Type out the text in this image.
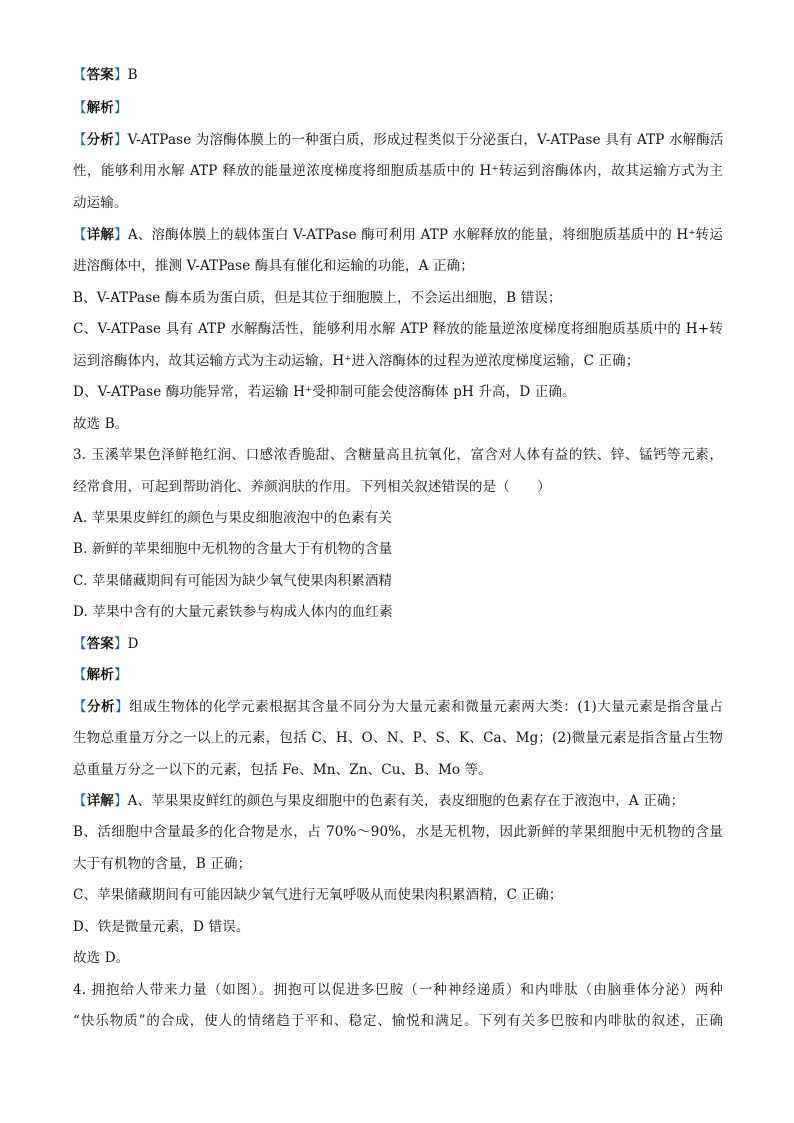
【答案】B
【解析】
【分析】V-ATPase 为溶酶体膜上的一种蛋白质，形成过程类似于分泌蛋白，V-ATPase 具有 ATP 水解酶活
性，能够利用水解 ATP 释放的能量逆浓度梯度将细胞质基质中的 H⁺转运到溶酶体内，故其运输方式为主
动运输。
【详解】A、溶酶体膜上的载体蛋白 V-ATPase 酶可利用 ATP 水解释放的能量，将细胞质基质中的 H⁺转运
进溶酶体中，推测 V-ATPase 酶具有催化和运输的功能，A 正确；
B、V-ATPase 酶本质为蛋白质，但是其位于细胞膜上，不会运出细胞，B 错误；
C、V-ATPase 具有 ATP 水解酶活性，能够利用水解 ATP 释放的能量逆浓度梯度将细胞质基质中的 H+转
运到溶酶体内，故其运输方式为主动运输，H⁺进入溶酶体的过程为逆浓度梯度运输，C 正确；
D、V-ATPase 酶功能异常，若运输 H⁺受抑制可能会使溶酶体 pH 升高，D 正确。
故选 B。
3. 玉溪苹果色泽鲜艳红润、口感浓香脆甜、含糖量高且抗氧化，富含对人体有益的铁、锌、锰钙等元素，
经常食用，可起到帮助消化、养颜润肤的作用。下列相关叙述错误的是（　　）
A. 苹果果皮鲜红的颜色与果皮细胞液泡中的色素有关
B. 新鲜的苹果细胞中无机物的含量大于有机物的含量
C. 苹果储藏期间有可能因为缺少氧气使果肉积累酒精
D. 苹果中含有的大量元素铁参与构成人体内的血红素
【答案】D
【解析】
【分析】组成生物体的化学元素根据其含量不同分为大量元素和微量元素两大类：(1)大量元素是指含量占
生物总重量万分之一以上的元素，包括 C、H、O、N、P、S、K、Ca、Mg；(2)微量元素是指含量占生物
总重量万分之一以下的元素，包括 Fe、Mn、Zn、Cu、B、Mo 等。
【详解】A、苹果果皮鲜红的颜色与果皮细胞中的色素有关，表皮细胞的色素存在于液泡中，A 正确；
B、活细胞中含量最多的化合物是水，占 70%～90%，水是无机物，因此新鲜的苹果细胞中无机物的含量
大于有机物的含量，B 正确；
C、苹果储藏期间有可能因缺少氧气进行无氧呼吸从而使果肉积累酒精，C 正确；
D、铁是微量元素，D 错误。
故选 D。
4. 拥抱给人带来力量（如图）。拥抱可以促进多巴胺（一种神经递质）和内啡肽（由脑垂体分泌）两种
“快乐物质”的合成，使人的情绪趋于平和、稳定、愉悦和满足。下列有关多巴胺和内啡肽的叙述，正确
